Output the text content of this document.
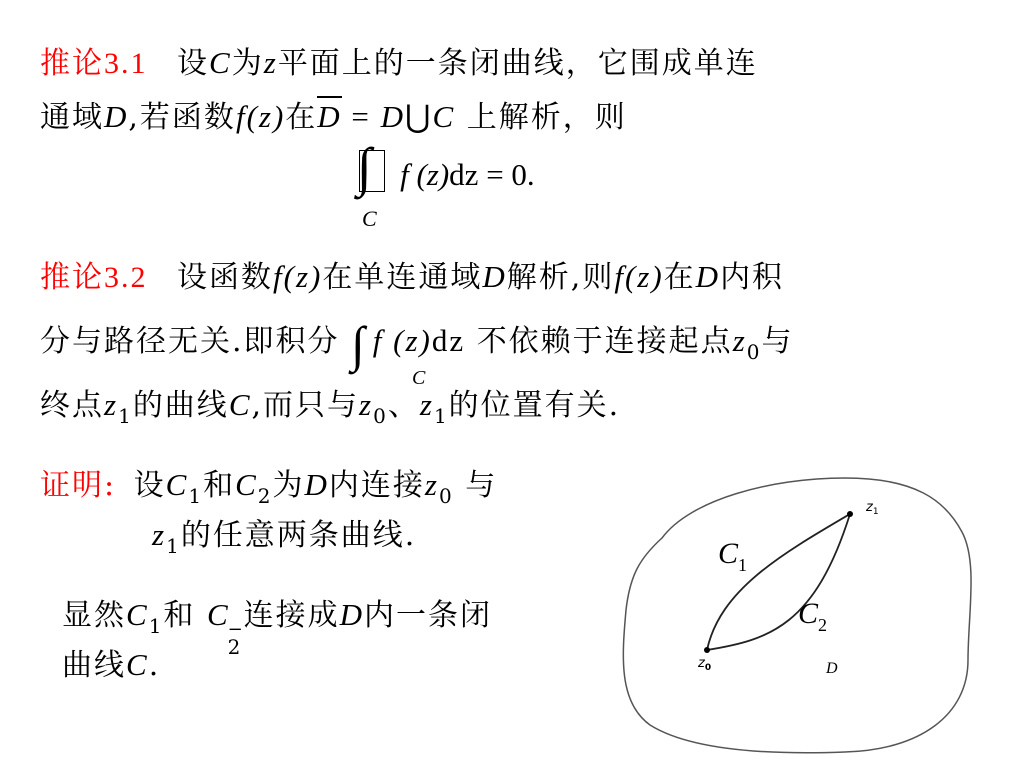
推论3.1 设C为z平面上的一条闭曲线，它围成单连
通域D,若函数f(z)在D = D⋃C 上解析，则
∫ f (z)dz = 0.
C
推论3.2 设函数f(z)在单连通域D解析,则f(z)在D内积
分与路径无关.即积分 ∫ f (z)dz 不依赖于连接起点$z_0$与
C
终点$z_1$的曲线C,而只与$z_0$、$z_1$的位置有关.
证明: 设$C_1$和$C_2$为D内连接$z_0$ 与
$z_1$的任意两条曲线.
显然$C_1$和 C
−
2
连接成D内一条闭
曲线C.
$z_1$
$z_0$
$C_1$
$C_2$
D
